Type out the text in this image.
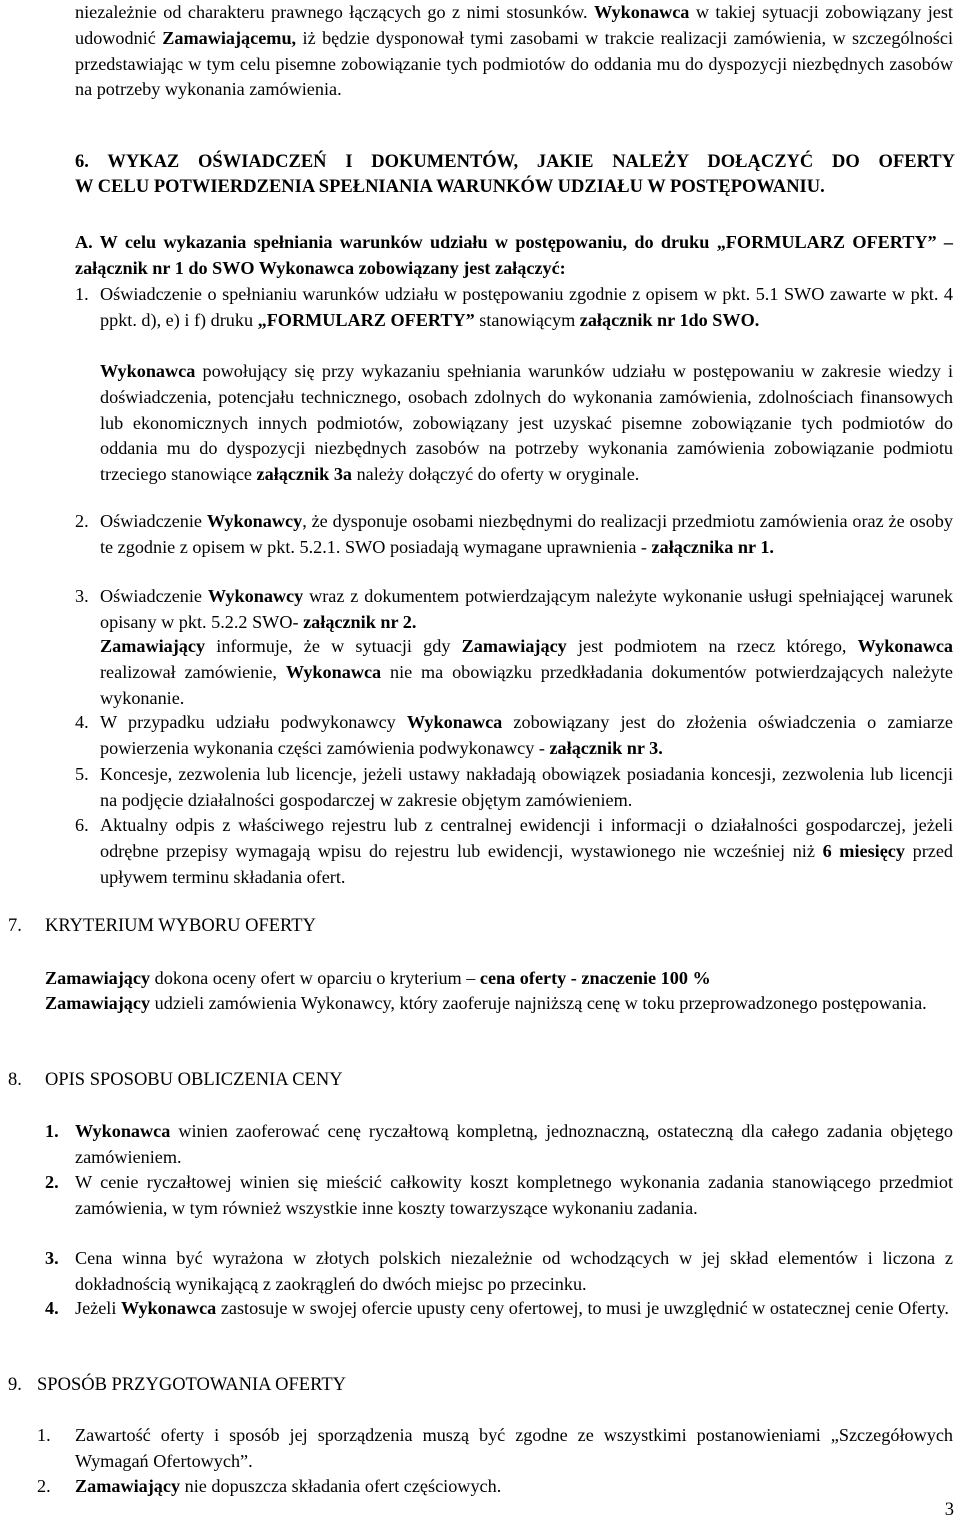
niezależnie od charakteru prawnego łączących go z nimi stosunków. Wykonawca w takiej sytuacji zobowiązany jest udowodnić Zamawiającemu, iż będzie dysponował tymi zasobami w trakcie realizacji zamówienia, w szczególności przedstawiając w tym celu pisemne zobowiązanie tych podmiotów do oddania mu do dyspozycji niezbędnych zasobów na potrzeby wykonania zamówienia.

6. WYKAZ OŚWIADCZEŃ I DOKUMENTÓW, JAKIE NALEŻY DOŁĄCZYĆ DO OFERTY

W CELU POTWIERDZENIA SPEŁNIANIA WARUNKÓW UDZIAŁU W POSTĘPOWANIU.

A. W celu wykazania spełniania warunków udziału w postępowaniu, do druku „FORMULARZ OFERTY” – załącznik nr 1 do SWO Wykonawca zobowiązany jest załączyć:

1. Oświadczenie o spełnianiu warunków udziału w postępowaniu zgodnie z opisem w pkt. 5.1 SWO zawarte w pkt. 4 ppkt. d), e) i f) druku „FORMULARZ OFERTY” stanowiącym załącznik nr 1do SWO.

Wykonawca powołujący się przy wykazaniu spełniania warunków udziału w postępowaniu w zakresie wiedzy i doświadczenia, potencjału technicznego, osobach zdolnych do wykonania zamówienia, zdolnościach finansowych lub ekonomicznych innych podmiotów, zobowiązany jest uzyskać pisemne zobowiązanie tych podmiotów do oddania mu do dyspozycji niezbędnych zasobów na potrzeby wykonania zamówienia zobowiązanie podmiotu trzeciego stanowiące załącznik 3a należy dołączyć do oferty w oryginale.

2. Oświadczenie Wykonawcy, że dysponuje osobami niezbędnymi do realizacji przedmiotu zamówienia oraz że osoby te zgodnie z opisem w pkt. 5.2.1. SWO posiadają wymagane uprawnienia - załącznika nr 1.

3. Oświadczenie Wykonawcy wraz z dokumentem potwierdzającym należyte wykonanie usługi spełniającej warunek opisany w pkt. 5.2.2 SWO- załącznik nr 2.

Zamawiający informuje, że w sytuacji gdy Zamawiający jest podmiotem na rzecz którego, Wykonawca realizował zamówienie, Wykonawca nie ma obowiązku przedkładania dokumentów potwierdzających należyte wykonanie.

4. W przypadku udziału podwykonawcy Wykonawca zobowiązany jest do złożenia oświadczenia o zamiarze powierzenia wykonania części zamówienia podwykonawcy - załącznik nr 3.

5. Koncesje, zezwolenia lub licencje, jeżeli ustawy nakładają obowiązek posiadania koncesji, zezwolenia lub licencji na podjęcie działalności gospodarczej w zakresie objętym zamówieniem.

6. Aktualny odpis z właściwego rejestru lub z centralnej ewidencji i informacji o działalności gospodarczej, jeżeli odrębne przepisy wymagają wpisu do rejestru lub ewidencji, wystawionego nie wcześniej niż 6 miesięcy przed upływem terminu składania ofert.

7. KRYTERIUM WYBORU OFERTY

Zamawiający dokona oceny ofert w oparciu o kryterium – cena oferty - znaczenie 100 %

Zamawiający udzieli zamówienia Wykonawcy, który zaoferuje najniższą cenę w toku przeprowadzonego postępowania.

8. OPIS SPOSOBU OBLICZENIA CENY
1. Wykonawca winien zaoferować cenę ryczałtową kompletną, jednoznaczną, ostateczną dla całego zadania objętego zamówieniem.

2. W cenie ryczałtowej winien się mieścić całkowity koszt kompletnego wykonania zadania stanowiącego przedmiot zamówienia, w tym również wszystkie inne koszty towarzyszące wykonaniu zadania.

3. Cena winna być wyrażona w złotych polskich niezależnie od wchodzących w jej skład elementów i liczona z dokładnością wynikającą z zaokrągleń do dwóch miejsc po przecinku.

4. Jeżeli Wykonawca zastosuje w swojej ofercie upusty ceny ofertowej, to musi je uwzględnić w ostatecznej cenie Oferty.

9. SPOSÓB PRZYGOTOWANIA OFERTY
1. Zawartość oferty i sposób jej sporządzenia muszą być zgodne ze wszystkimi postanowieniami „Szczegółowych Wymagań Ofertowych”.

2. Zamawiający nie dopuszcza składania ofert częściowych.

3
